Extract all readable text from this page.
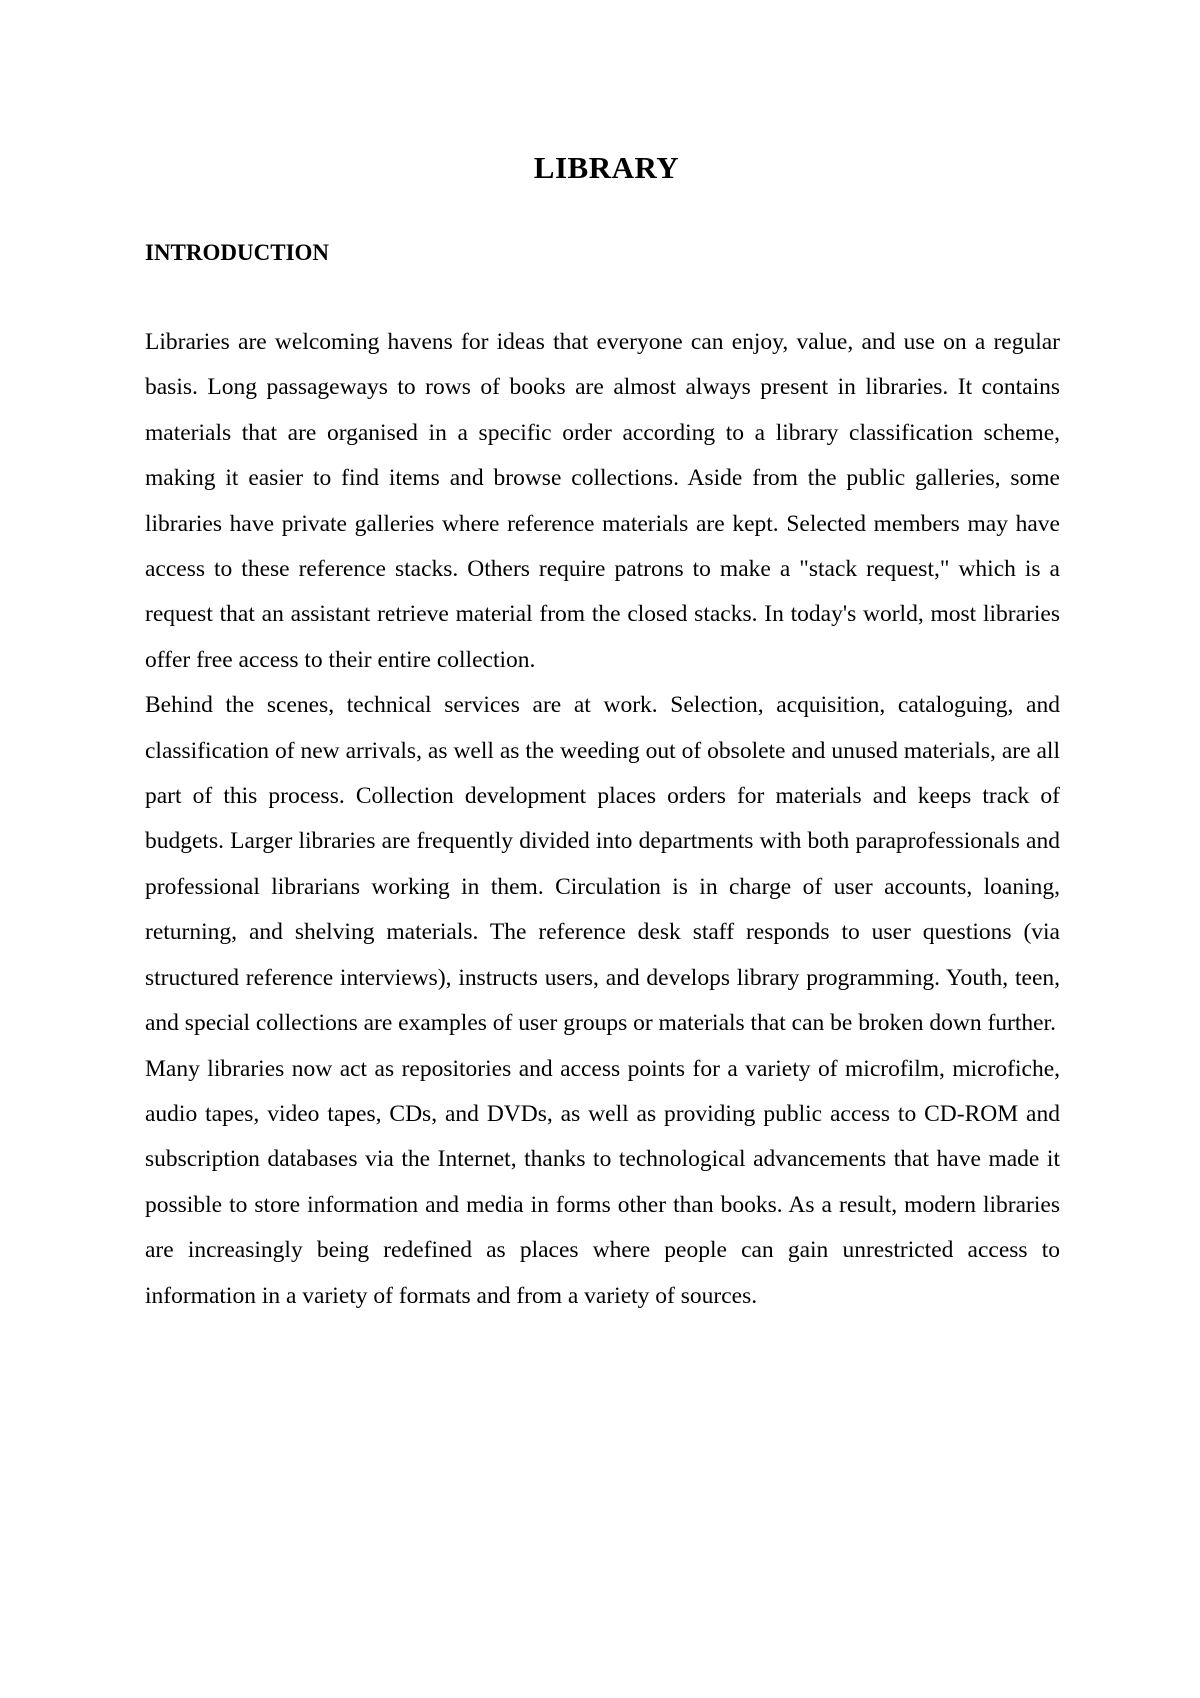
LIBRARY
INTRODUCTION

Libraries are welcoming havens for ideas that everyone can enjoy, value, and use on a regular basis. Long passageways to rows of books are almost always present in libraries. It contains materials that are organised in a specific order according to a library classification scheme, making it easier to find items and browse collections. Aside from the public galleries, some libraries have private galleries where reference materials are kept. Selected members may have access to these reference stacks. Others require patrons to make a "stack request," which is a request that an assistant retrieve material from the closed stacks. In today's world, most libraries offer free access to their entire collection.

Behind the scenes, technical services are at work. Selection, acquisition, cataloguing, and classification of new arrivals, as well as the weeding out of obsolete and unused materials, are all part of this process. Collection development places orders for materials and keeps track of budgets. Larger libraries are frequently divided into departments with both paraprofessionals and professional librarians working in them. Circulation is in charge of user accounts, loaning, returning, and shelving materials. The reference desk staff responds to user questions (via structured reference interviews), instructs users, and develops library programming. Youth, teen, and special collections are examples of user groups or materials that can be broken down further.

Many libraries now act as repositories and access points for a variety of microfilm, microfiche, audio tapes, video tapes, CDs, and DVDs, as well as providing public access to CD-ROM and subscription databases via the Internet, thanks to technological advancements that have made it possible to store information and media in forms other than books. As a result, modern libraries are increasingly being redefined as places where people can gain unrestricted access to information in a variety of formats and from a variety of sources.
